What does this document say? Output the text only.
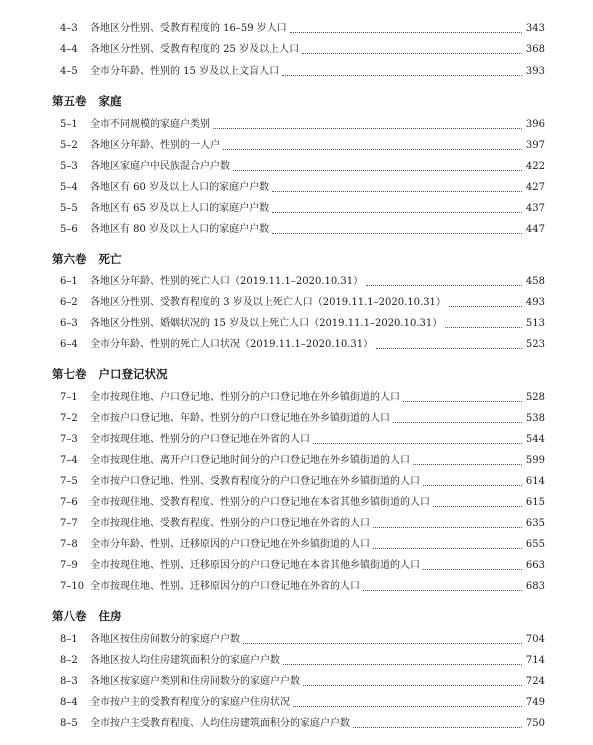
4–3	各地区分性别、受教育程度的 16–59 岁人口	343
4–4	各地区分性别、受教育程度的 25 岁及以上人口	368
4–5	全市分年龄、性别的 15 岁及以上文盲人口	393
第五卷 家庭
5–1	全市不同规模的家庭户类别	396
5–2	各地区分年龄、性别的一人户	397
5–3	各地区家庭户中民族混合户户数	422
5–4	各地区有 60 岁及以上人口的家庭户户数	427
5–5	各地区有 65 岁及以上人口的家庭户户数	437
5–6	各地区有 80 岁及以上人口的家庭户户数	447
第六卷 死亡
6–1	各地区分年龄、性别的死亡人口（2019.11.1–2020.10.31）	458
6–2	各地区分性别、受教育程度的 3 岁及以上死亡人口（2019.11.1–2020.10.31）	493
6–3	各地区分性别、婚姻状况的 15 岁及以上死亡人口（2019.11.1–2020.10.31）	513
6–4	全市分年龄、性别的死亡人口状况（2019.11.1–2020.10.31）	523
第七卷 户口登记状况
7–1	全市按现住地、户口登记地、性别分的户口登记地在外乡镇街道的人口	528
7–2	全市按户口登记地、年龄、性别分的户口登记地在外乡镇街道的人口	538
7–3	全市按现住地、性别分的户口登记地在外省的人口	544
7–4	全市按现住地、离开户口登记地时间分的户口登记地在外乡镇街道的人口	599
7–5	全市按户口登记地、性别、受教育程度分的户口登记地在外乡镇街道的人口	614
7–6	全市按现住地、受教育程度、性别分的户口登记地在本省其他乡镇街道的人口	615
7–7	全市按现住地、受教育程度、性别分的户口登记地在外省的人口	635
7–8	全市分年龄、性别、迁移原因的户口登记地在外乡镇街道的人口	655
7–9	全市按现住地、性别、迁移原因分的户口登记地在本省其他乡镇街道的人口	663
7–10 全市按现住地、性别、迁移原因分的户口登记地在外省的人口	683
第八卷 住房
8–1	各地区按住房间数分的家庭户户数	704
8–2	各地区按人均住房建筑面积分的家庭户户数	714
8–3	各地区按家庭户类别和住房间数分的家庭户户数	724
8–4	全市按户主的受教育程度分的家庭户住房状况	749
8–5	全市按户主受教育程度、人均住房建筑面积分的家庭户户数	750
